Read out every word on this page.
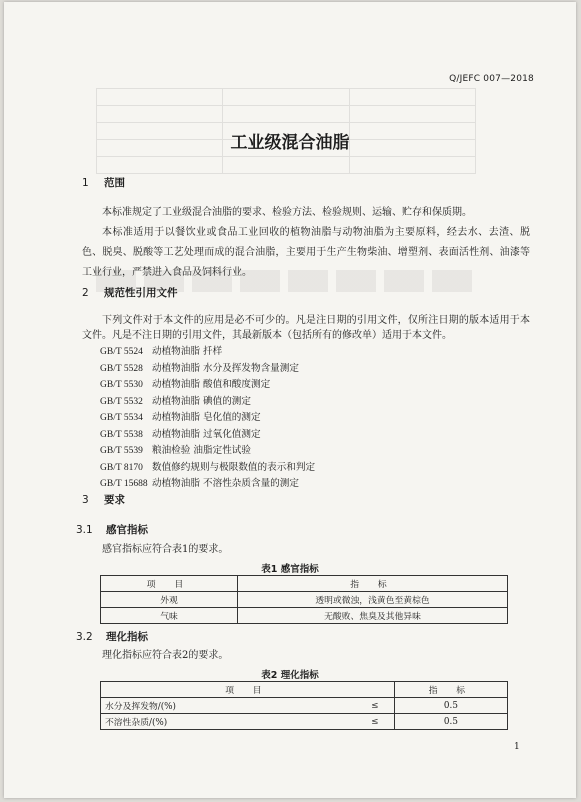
Q/JEFC 007—2018
工业级混合油脂
1 范围
本标准规定了工业级混合油脂的要求、检验方法、检验规则、运输、贮存和保质期。
本标准适用于以餐饮业或食品工业回收的植物油脂与动物油脂为主要原料，经去水、去渣、脱色、脱臭、脱酸等工艺处理而成的混合油脂，主要用于生产生物柴油、增塑剂、表面活性剂、油漆等工业行业，严禁进入食品及饲料行业。
2 规范性引用文件
下列文件对于本文件的应用是必不可少的。凡是注日期的引用文件，仅所注日期的版本适用于本文件。凡是不注日期的引用文件，其最新版本（包括所有的修改单）适用于本文件。
GB/T 5524 动植物油脂 扦样
GB/T 5528 动植物油脂 水分及挥发物含量测定
GB/T 5530 动植物油脂 酸值和酸度测定
GB/T 5532 动植物油脂 碘值的测定
GB/T 5534 动植物油脂 皂化值的测定
GB/T 5538 动植物油脂 过氧化值测定
GB/T 5539 粮油检验 油脂定性试验
GB/T 8170 数值修约规则与极限数值的表示和判定
GB/T 15688 动植物油脂 不溶性杂质含量的测定
3 要求
3.1 感官指标
感官指标应符合表1的要求。
表1 感官指标
项 目	指 标
外观	透明或微浊，浅黄色至黄棕色
气味	无酸败、焦臭及其他异味
3.2 理化指标
理化指标应符合表2的要求。
表2 理化指标
项 目		指 标
水分及挥发物/(%)	≤	0.5
不溶性杂质/(%)	≤	0.5
1
